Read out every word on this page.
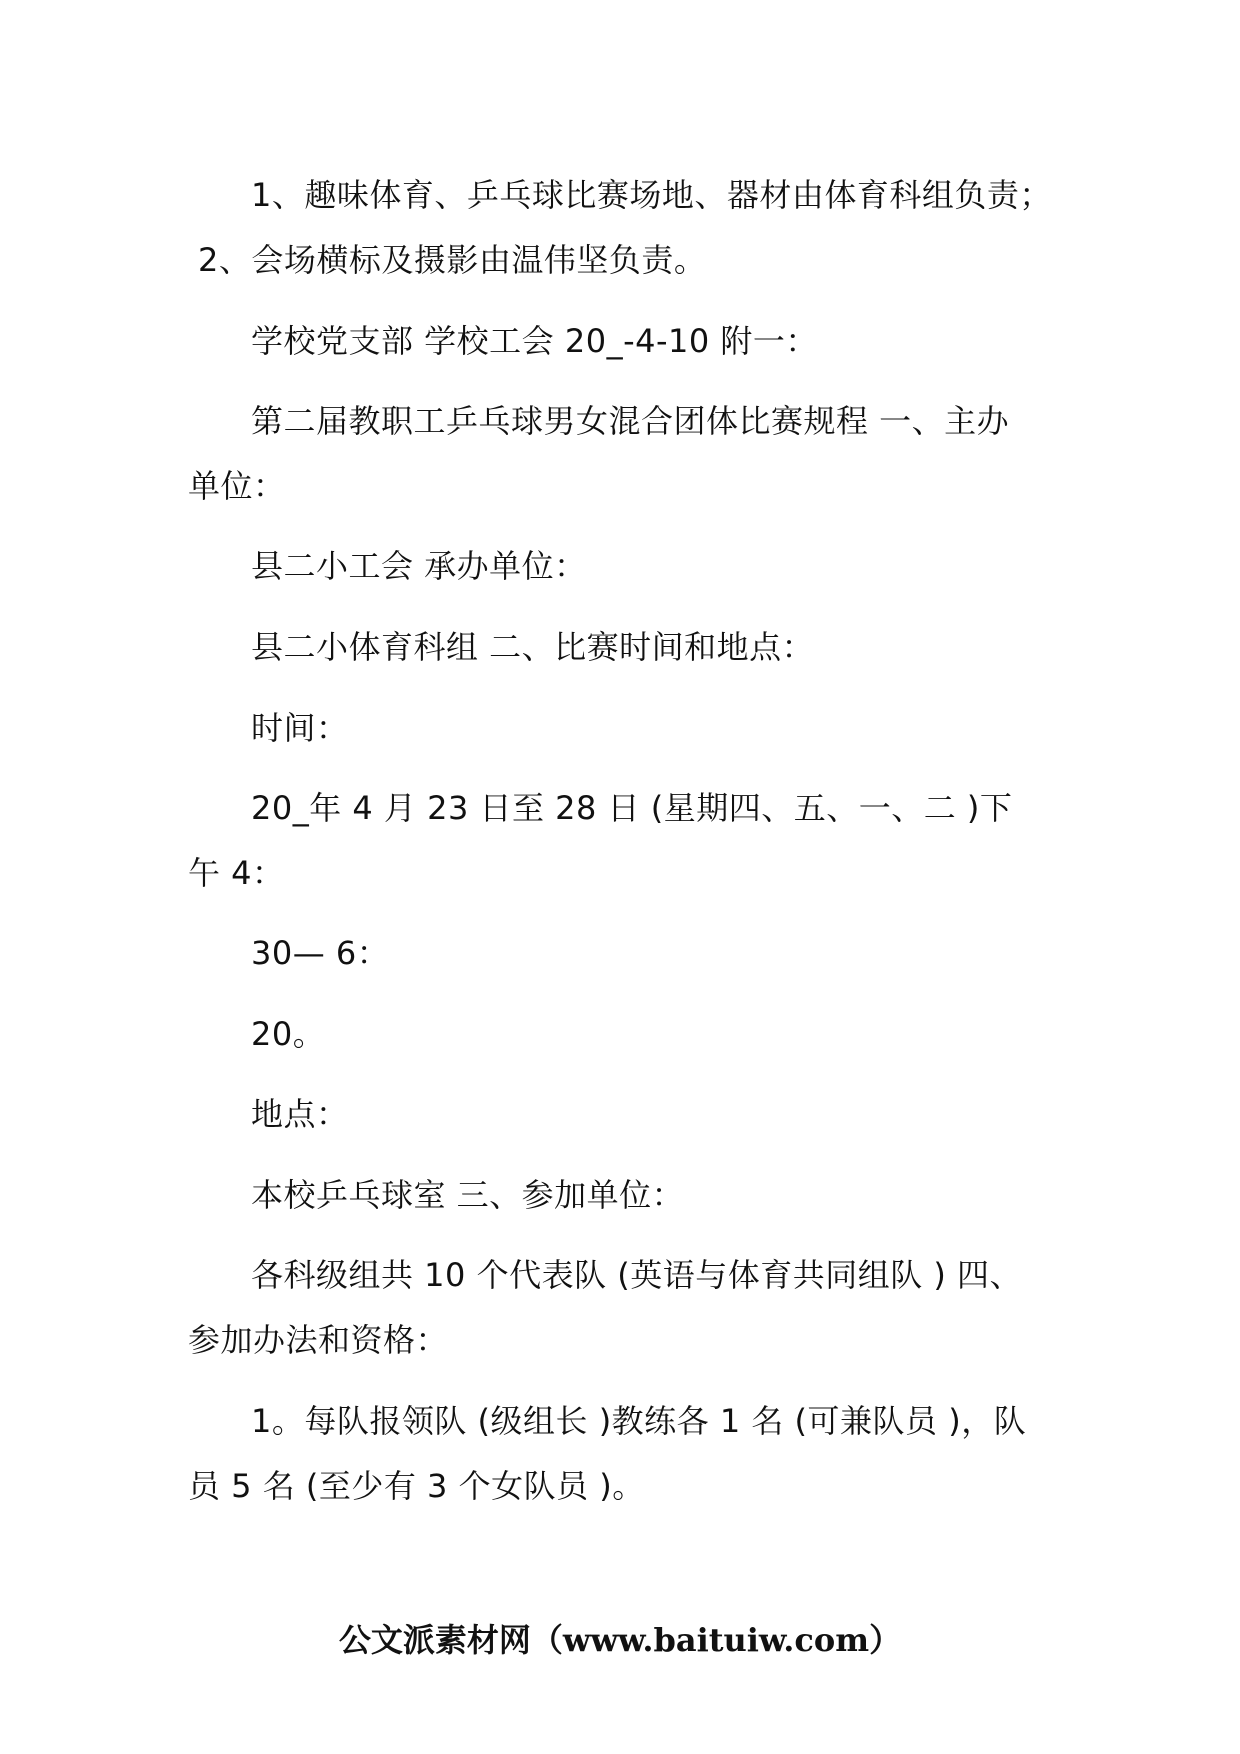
1、趣味体育、乒乓球比赛场地、器材由体育科组负责；
2、会场横标及摄影由温伟坚负责。
学校党支部 学校工会 20_-4-10 附一：
第二届教职工乒乓球男女混合团体比赛规程 一、主办
单位：
县二小工会 承办单位：
县二小体育科组 二、比赛时间和地点：
时间：
20_年 4 月 23 日至 28 日 (星期四、五、一、二 )下
午 4：
30— 6：
20。
地点：
本校乒乓球室 三、参加单位：
各科级组共 10 个代表队 (英语与体育共同组队 ) 四、
参加办法和资格：
1。每队报领队 (级组长 )教练各 1 名 (可兼队员 )，队
员 5 名 (至少有 3 个女队员 )。
公文派素材网（www.baituiw.com）
